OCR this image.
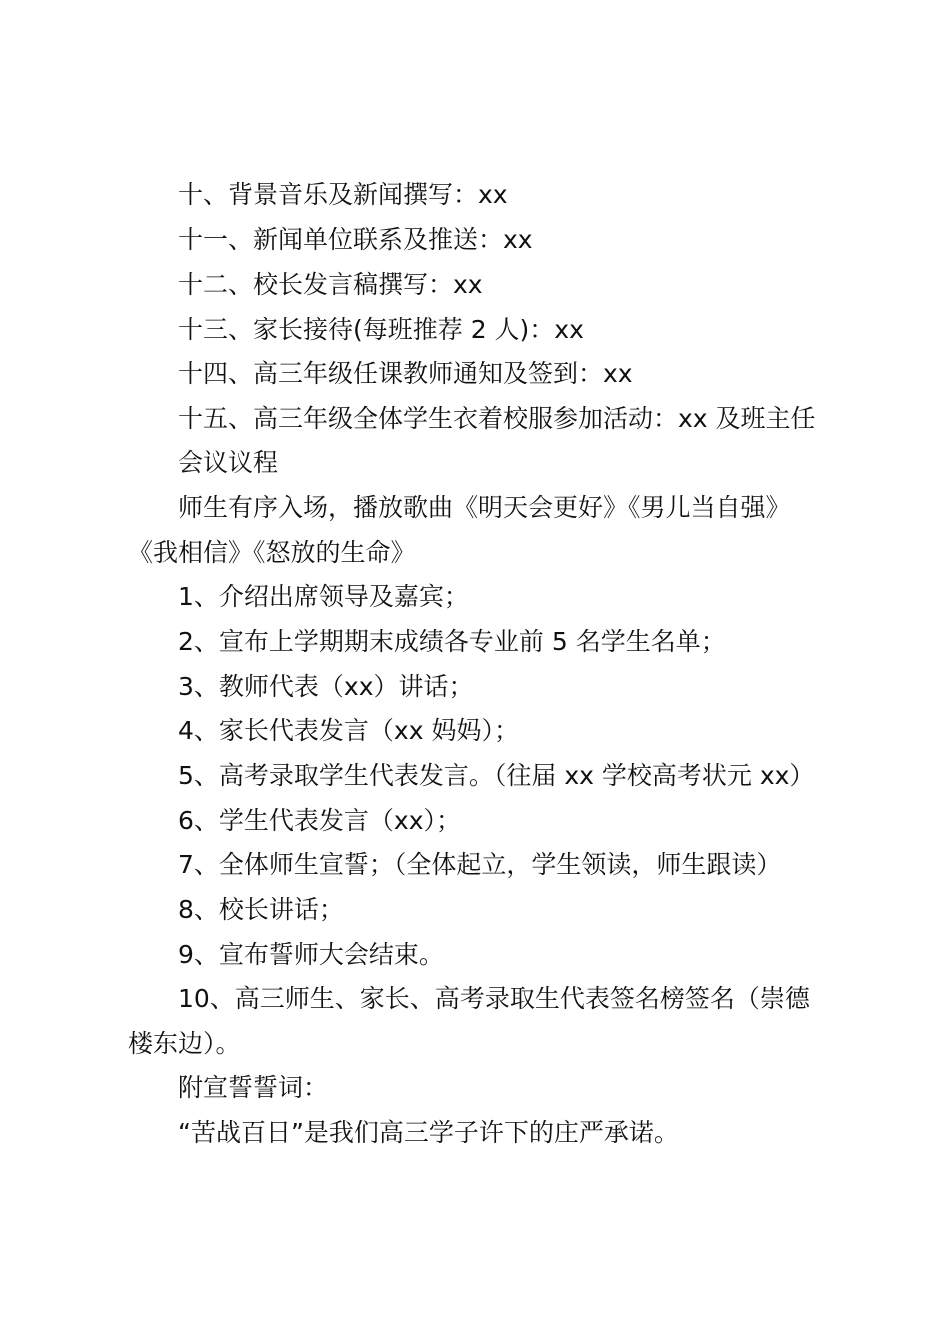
十、背景音乐及新闻撰写：xx
十一、新闻单位联系及推送：xx
十二、校长发言稿撰写：xx
十三、家长接待(每班推荐 2 人)：xx
十四、高三年级任课教师通知及签到：xx
十五、高三年级全体学生衣着校服参加活动：xx 及班主任
会议议程
师生有序入场，播放歌曲《明天会更好》《男儿当自强》
《我相信》《怒放的生命》
1、介绍出席领导及嘉宾；
2、宣布上学期期末成绩各专业前 5 名学生名单；
3、教师代表（xx）讲话；
4、家长代表发言（xx 妈妈）；
5、高考录取学生代表发言。（往届 xx 学校高考状元 xx）
6、学生代表发言（xx）；
7、全体师生宣誓；（全体起立，学生领读，师生跟读）
8、校长讲话；
9、宣布誓师大会结束。
10、高三师生、家长、高考录取生代表签名榜签名（崇德
楼东边）。
附宣誓誓词：
“苦战百日”是我们高三学子许下的庄严承诺。
